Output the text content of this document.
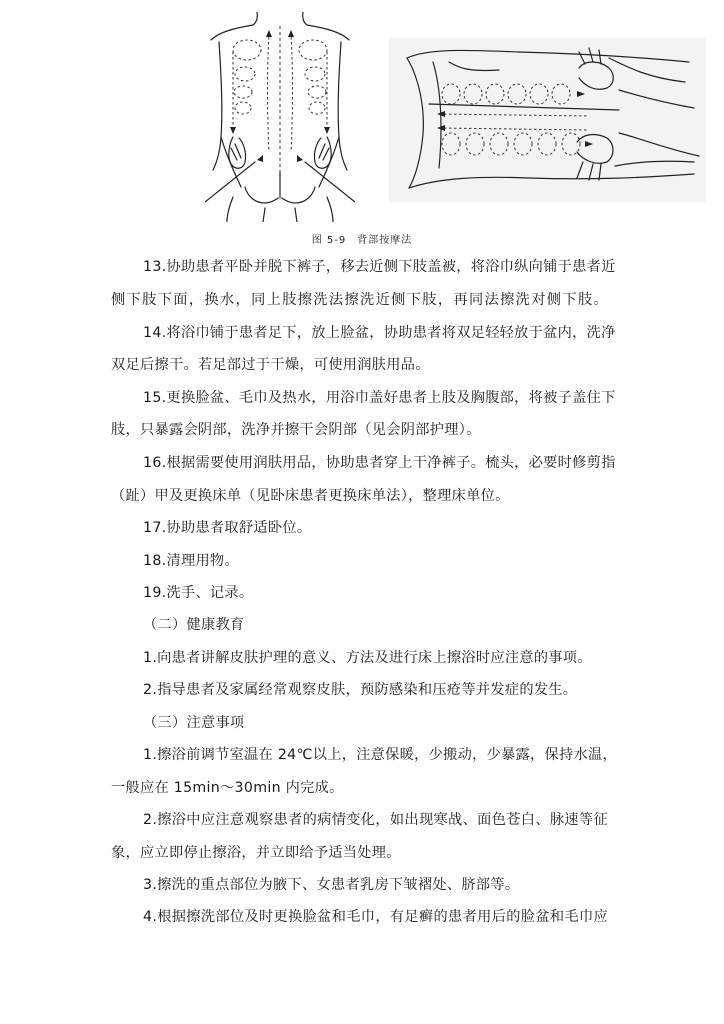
图 5-9　背部按摩法
13.协助患者平卧并脱下裤子，移去近侧下肢盖被，将浴巾纵向铺于患者近
侧下肢下面，换水，同上肢擦洗法擦洗近侧下肢，再同法擦洗对侧下肢。
14.将浴巾铺于患者足下，放上脸盆，协助患者将双足轻轻放于盆内，洗净
双足后擦干。若足部过于干燥，可使用润肤用品。
15.更换脸盆、毛巾及热水，用浴巾盖好患者上肢及胸腹部，将被子盖住下
肢，只暴露会阴部，洗净并擦干会阴部（见会阴部护理）。
16.根据需要使用润肤用品，协助患者穿上干净裤子。梳头，必要时修剪指
（趾）甲及更换床单（见卧床患者更换床单法），整理床单位。
17.协助患者取舒适卧位。
18.清理用物。
19.洗手、记录。
（二）健康教育
1.向患者讲解皮肤护理的意义、方法及进行床上擦浴时应注意的事项。
2.指导患者及家属经常观察皮肤，预防感染和压疮等并发症的发生。
（三）注意事项
1.擦浴前调节室温在 24℃以上，注意保暖，少搬动，少暴露，保持水温，
一般应在 15min～30min 内完成。
2.擦浴中应注意观察患者的病情变化，如出现寒战、面色苍白、脉速等征
象，应立即停止擦浴，并立即给予适当处理。
3.擦洗的重点部位为腋下、女患者乳房下皱褶处、脐部等。
4.根据擦洗部位及时更换脸盆和毛巾，有足癣的患者用后的脸盆和毛巾应
